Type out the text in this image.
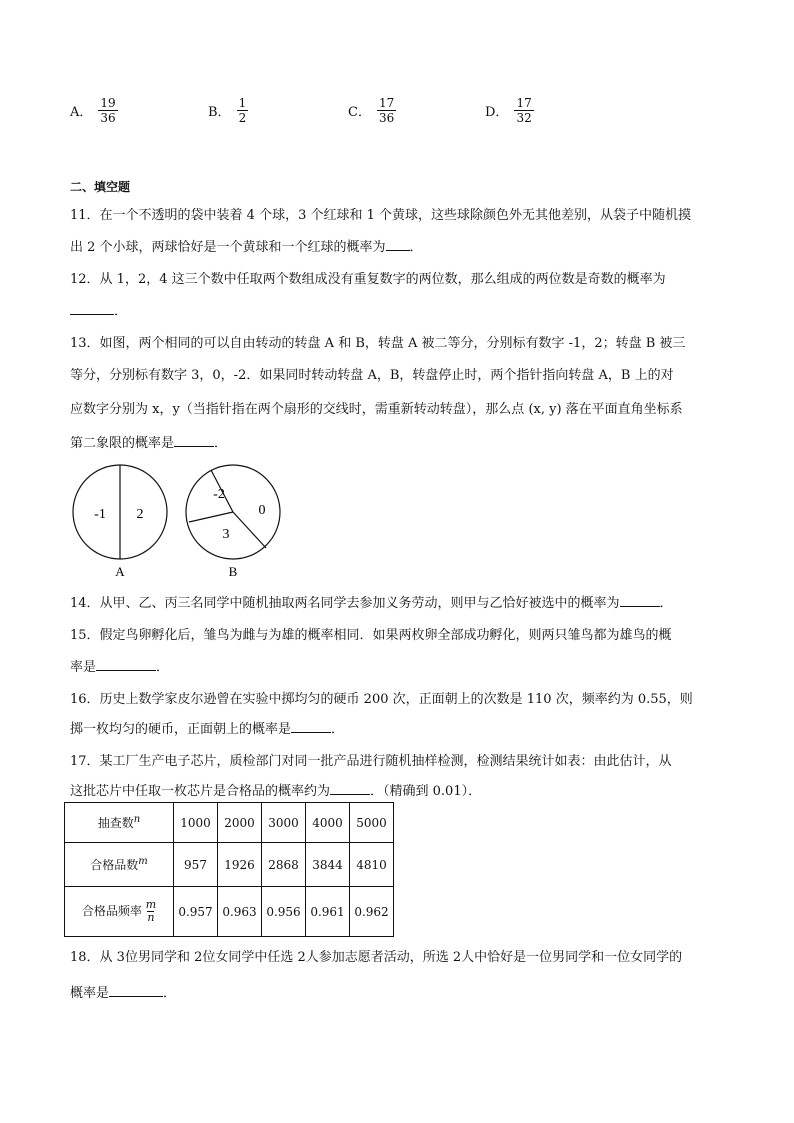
A． $\frac{19}{36}$	B． $\frac{1}{2}$	C． $\frac{17}{36}$	D． $\frac{17}{32}$
二、填空题
11．在一个不透明的袋中装着 4 个球，3 个红球和 1 个黄球，这些球除颜色外无其他差别，从袋子中随机摸
出 2 个小球，两球恰好是一个黄球和一个红球的概率为 ．
12．从 1，2，4 这三个数中任取两个数组成没有重复数字的两位数，那么组成的两位数是奇数的概率为
．
13．如图，两个相同的可以自由转动的转盘 A 和 B，转盘 A 被二等分，分别标有数字 -1，2；转盘 B 被三
等分，分别标有数字 3，0，-2．如果同时转动转盘 A，B，转盘停止时，两个指针指向转盘 A，B 上的对
应数字分别为 x，y（当指针指在两个扇形的交线时，需重新转动转盘），那么点 (x, y) 落在平面直角坐标系
第二象限的概率是	．
-1 2
A
-2
0
3
B
14．从甲、乙、丙三名同学中随机抽取两名同学去参加义务劳动，则甲与乙恰好被选中的概率为	．
15．假定鸟卵孵化后，雏鸟为雌与为雄的概率相同．如果两枚卵全部成功孵化，则两只雏鸟都为雄鸟的概
率是	．
16．历史上数学家皮尔逊曾在实验中掷均匀的硬币 200 次，正面朝上的次数是 110 次，频率约为 0.55，则
掷一枚均匀的硬币，正面朝上的概率是	．
17．某工厂生产电子芯片，质检部门对同一批产品进行随机抽样检测，检测结果统计如表：由此估计，从
这批芯片中任取一枚芯片是合格品的概率约为	．（精确到 0.01）．
抽查数$^n$	1000	2000	3000	4000	5000
合格品数$^m$	957	1926	2868	3844	4810
合格品频率 $\frac{m}{n}$	0.957	0.963	0.956	0.961	0.962
18．从 3位男同学和 2位女同学中任选 2人参加志愿者活动，所选 2人中恰好是一位男同学和一位女同学的
概率是	．
